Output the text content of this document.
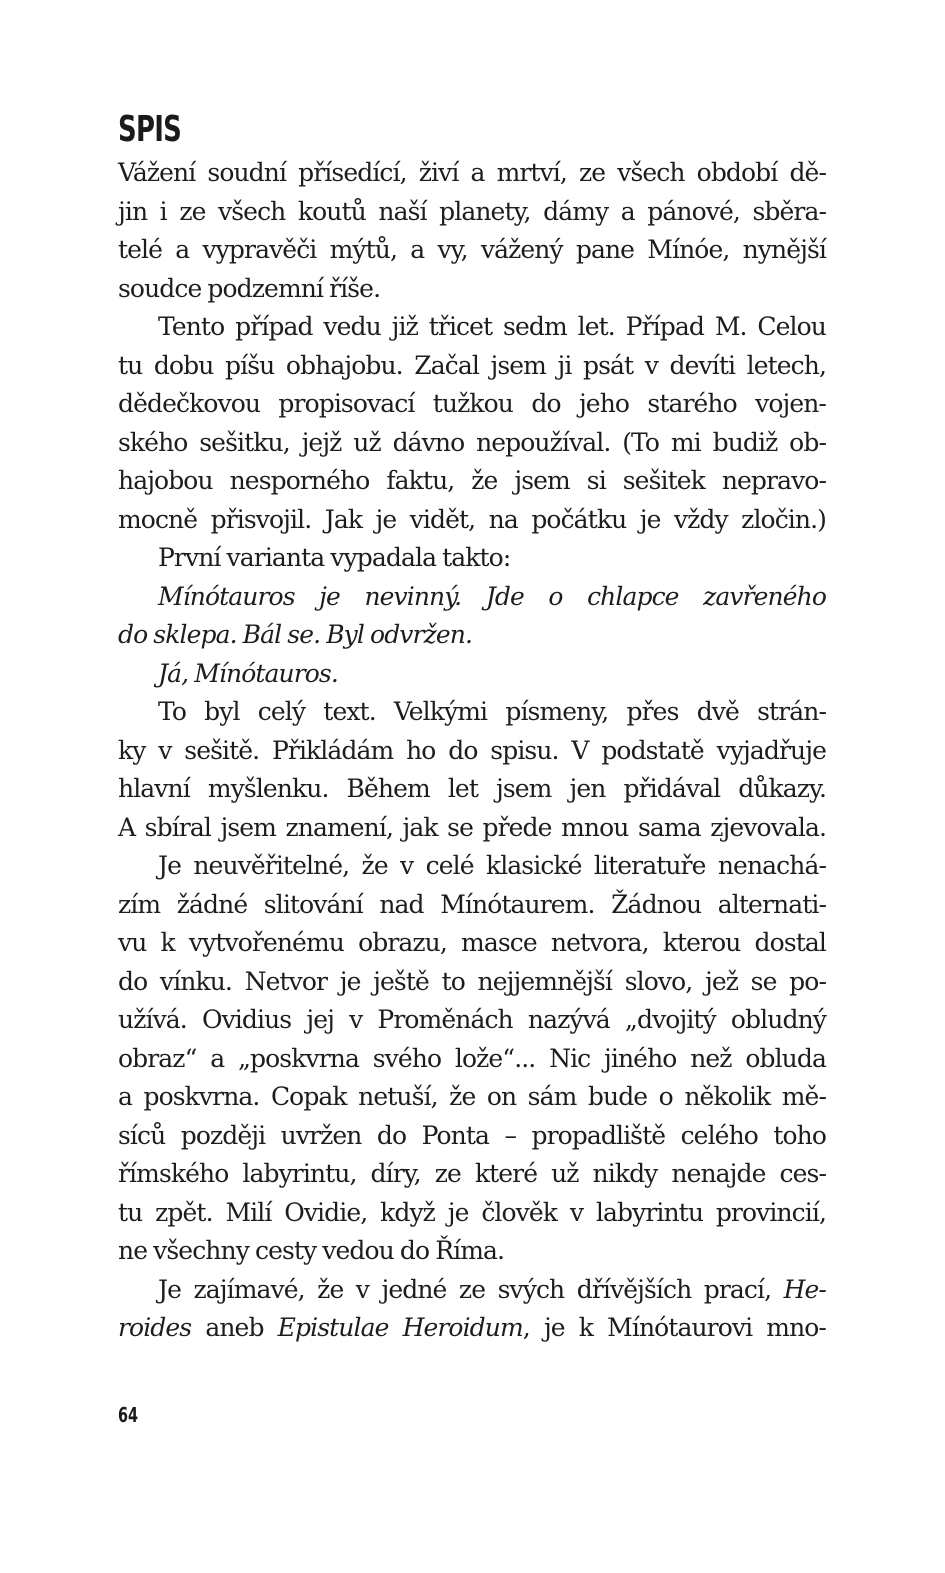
SPIS

Vážení soudní přísedící, živí a mrtví, ze všech období dě-

jin i ze všech koutů naší planety, dámy a pánové, sběra-

telé a vypravěči mýtů, a vy, vážený pane Mínóe, nynější

soudce podzemní říše.

Tento případ vedu již třicet sedm let. Případ M. Celou

tu dobu píšu obhajobu. Začal jsem ji psát v devíti letech,

dědečkovou propisovací tužkou do jeho starého vojen-

ského sešitku, jejž už dávno nepoužíval. (To mi budiž ob-

hajobou nesporného faktu, že jsem si sešitek nepravo-

mocně přisvojil. Jak je vidět, na počátku je vždy zločin.)

První varianta vypadala takto:

Mínótauros je nevinný. Jde o chlapce zavřeného

do sklepa. Bál se. Byl odvržen.

Já, Mínótauros.

To byl celý text. Velkými písmeny, přes dvě strán-

ky v sešitě. Přikládám ho do spisu. V podstatě vyjadřuje

hlavní myšlenku. Během let jsem jen přidával důkazy.

A sbíral jsem znamení, jak se přede mnou sama zjevovala.

Je neuvěřitelné, že v celé klasické literatuře nenachá-

zím žádné slitování nad Mínótaurem. Žádnou alternati-

vu k vytvořenému obrazu, masce netvora, kterou dostal

do vínku. Netvor je ještě to nejjemnější slovo, jež se po-

užívá. Ovidius jej v Proměnách nazývá „dvojitý obludný

obraz“ a „poskvrna svého lože“... Nic jiného než obluda

a poskvrna. Copak netuší, že on sám bude o několik mě-

síců později uvržen do Ponta – propadliště celého toho

římského labyrintu, díry, ze které už nikdy nenajde ces-

tu zpět. Milí Ovidie, když je člověk v labyrintu provincií,

ne všechny cesty vedou do Říma.

Je zajímavé, že v jedné ze svých dřívějších prací, He-

roides aneb Epistulae Heroidum, je k Mínótaurovi mno-

64
